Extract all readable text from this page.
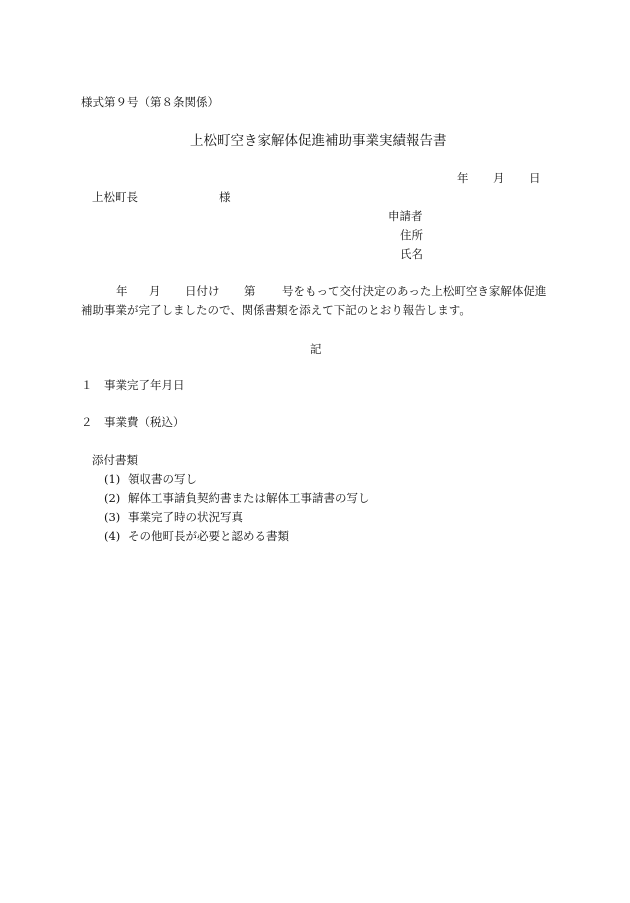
様式第９号（第８条関係）
上松町空き家解体促進補助事業実績報告書
年 月 日
上松町長	様
申請者
住所
氏名
年 月 日付け 第 号をもって交付決定のあった上松町空き家解体促進
補助事業が完了しましたので、関係書類を添えて下記のとおり報告します。
記
１ 事業完了年月日
２ 事業費（税込）
添付書類
(1) 領収書の写し
(2) 解体工事請負契約書または解体工事請書の写し
(3) 事業完了時の状況写真
(4) その他町長が必要と認める書類
